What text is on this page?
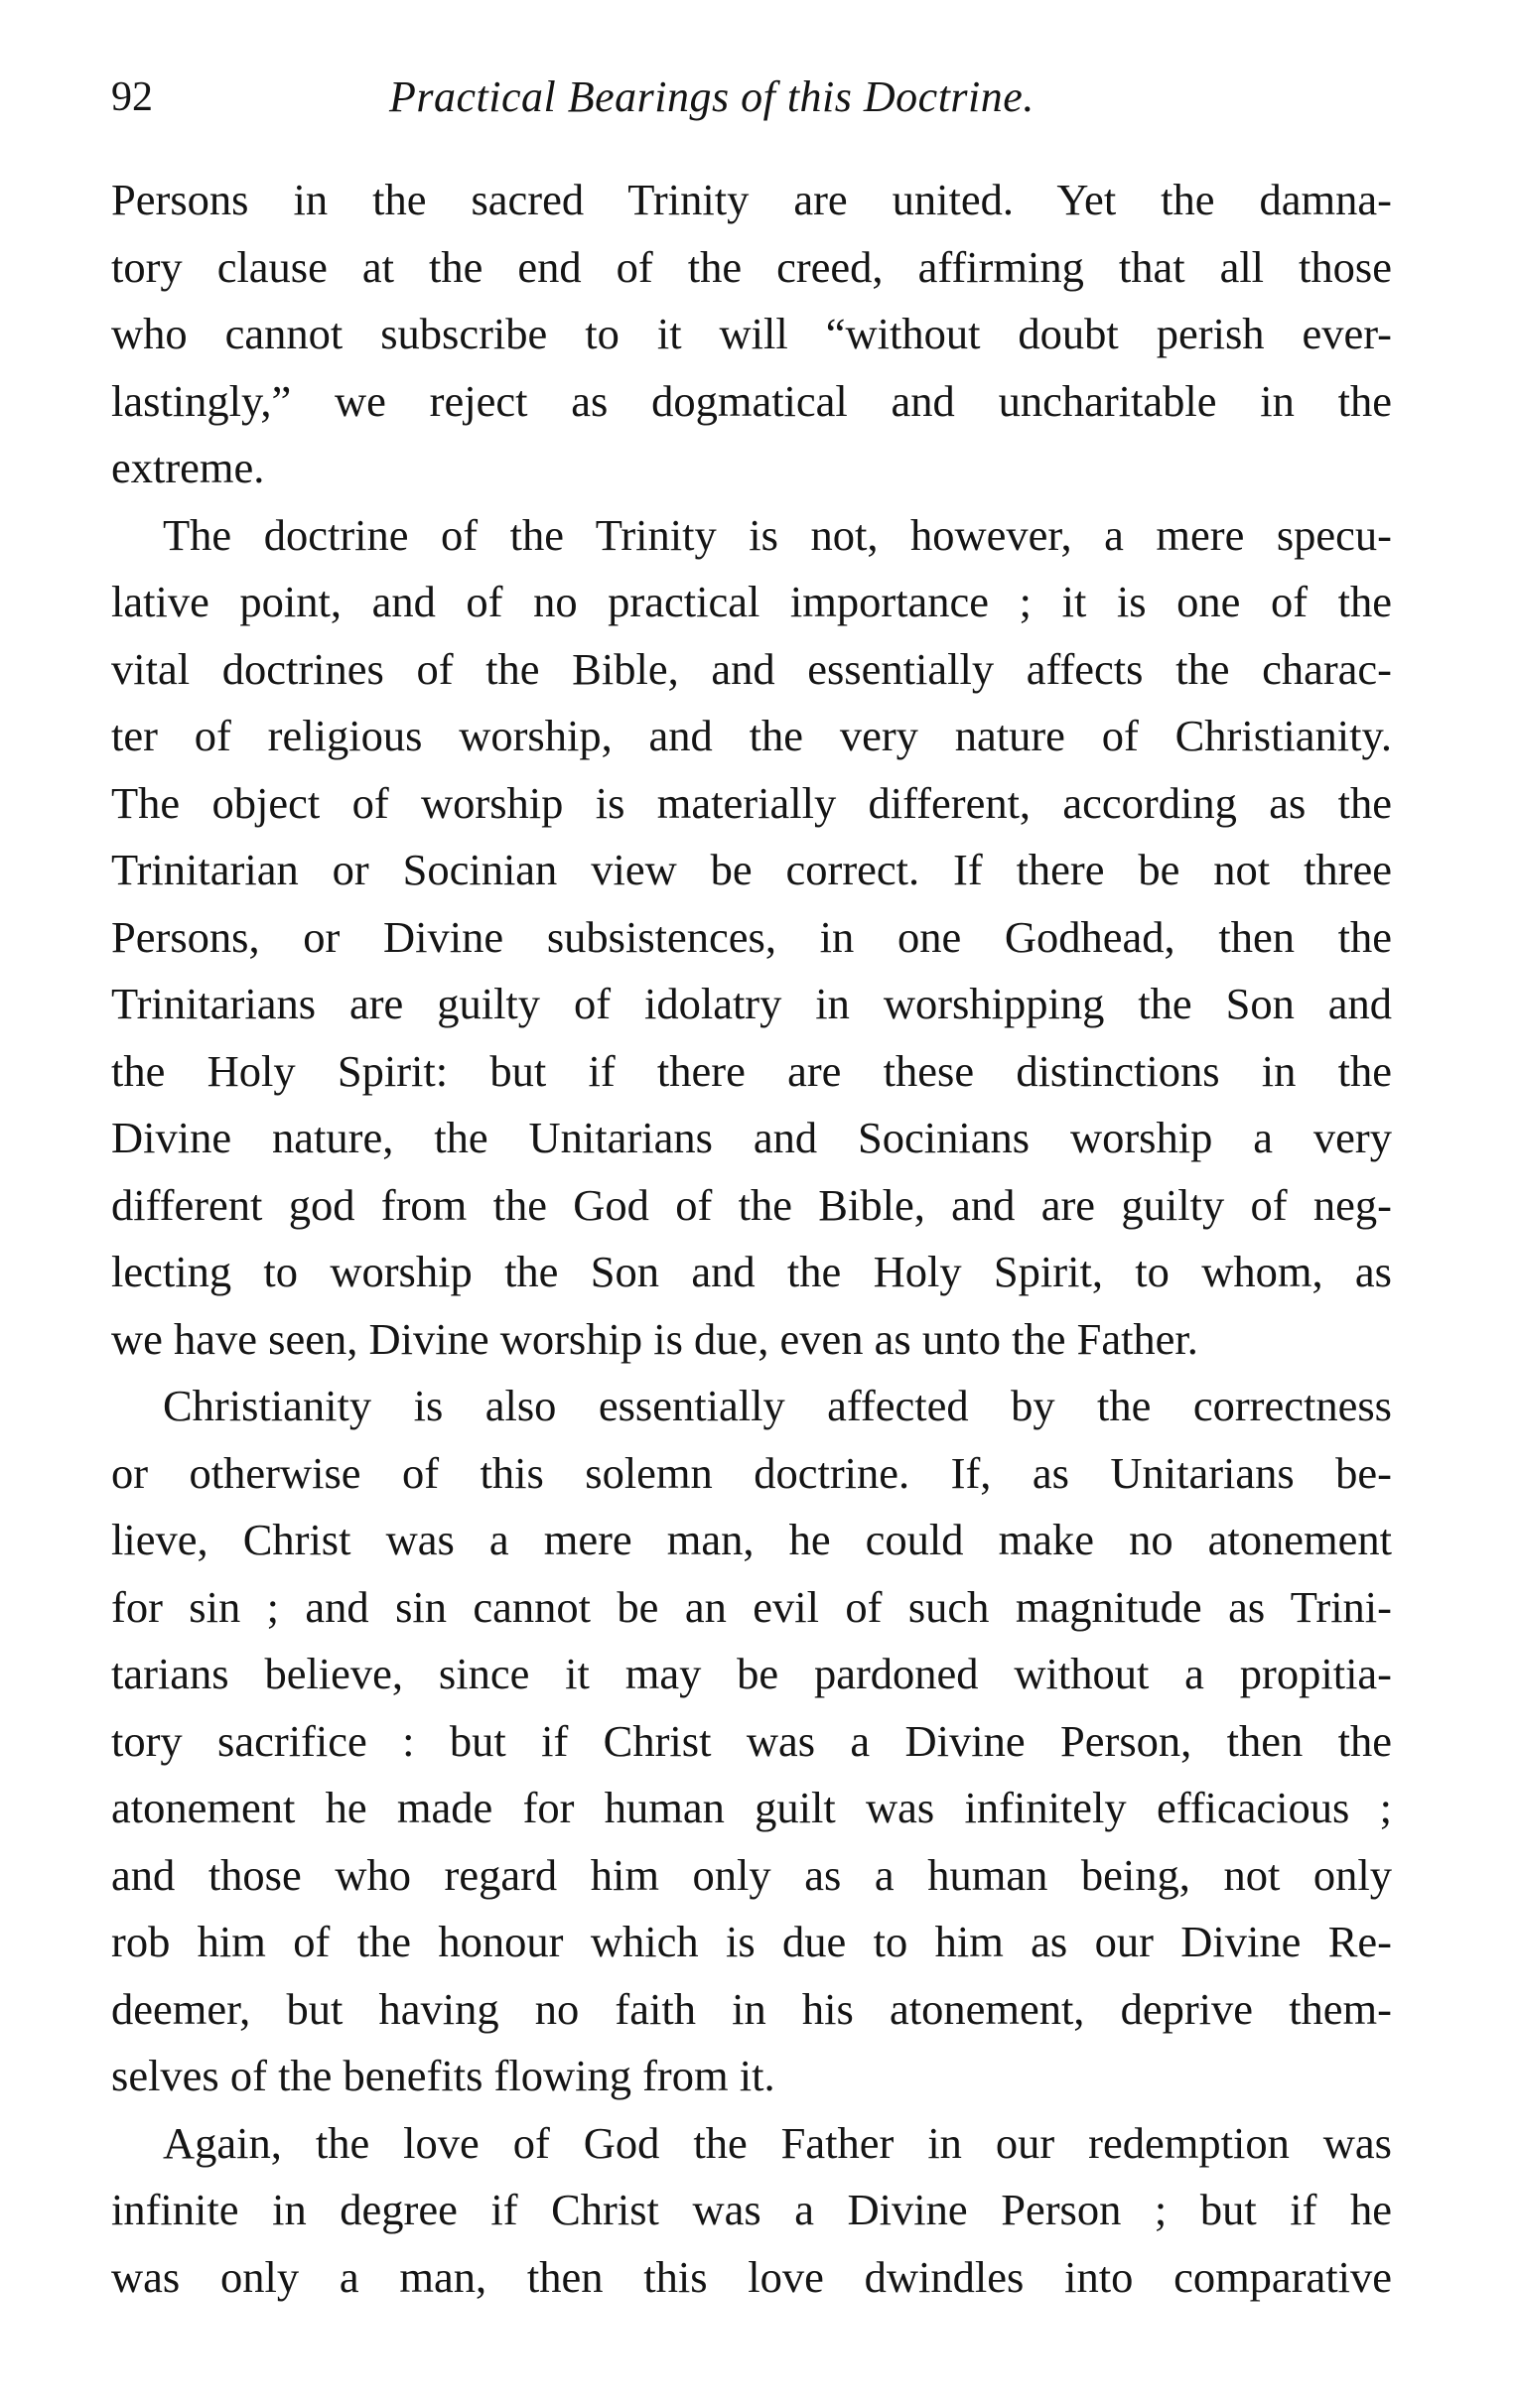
92	Practical Bearings of this Doctrine.
Persons in the sacred Trinity are united. Yet the damna-
tory clause at the end of the creed, affirming that all those
who cannot subscribe to it will “without doubt perish ever-
lastingly,” we reject as dogmatical and uncharitable in the
extreme.
The doctrine of the Trinity is not, however, a mere specu-
lative point, and of no practical importance ; it is one of the
vital doctrines of the Bible, and essentially affects the charac-
ter of religious worship, and the very nature of Christianity.
The object of worship is materially different, according as the
Trinitarian or Socinian view be correct. If there be not three
Persons, or Divine subsistences, in one Godhead, then the
Trinitarians are guilty of idolatry in worshipping the Son and
the Holy Spirit: but if there are these distinctions in the
Divine nature, the Unitarians and Socinians worship a very
different god from the God of the Bible, and are guilty of neg-
lecting to worship the Son and the Holy Spirit, to whom, as
we have seen, Divine worship is due, even as unto the Father.
Christianity is also essentially affected by the correctness
or otherwise of this solemn doctrine. If, as Unitarians be-
lieve, Christ was a mere man, he could make no atonement
for sin ; and sin cannot be an evil of such magnitude as Trini-
tarians believe, since it may be pardoned without a propitia-
tory sacrifice : but if Christ was a Divine Person, then the
atonement he made for human guilt was infinitely efficacious ;
and those who regard him only as a human being, not only
rob him of the honour which is due to him as our Divine Re-
deemer, but having no faith in his atonement, deprive them-
selves of the benefits flowing from it.
Again, the love of God the Father in our redemption was
infinite in degree if Christ was a Divine Person ; but if he
was only a man, then this love dwindles into comparative
